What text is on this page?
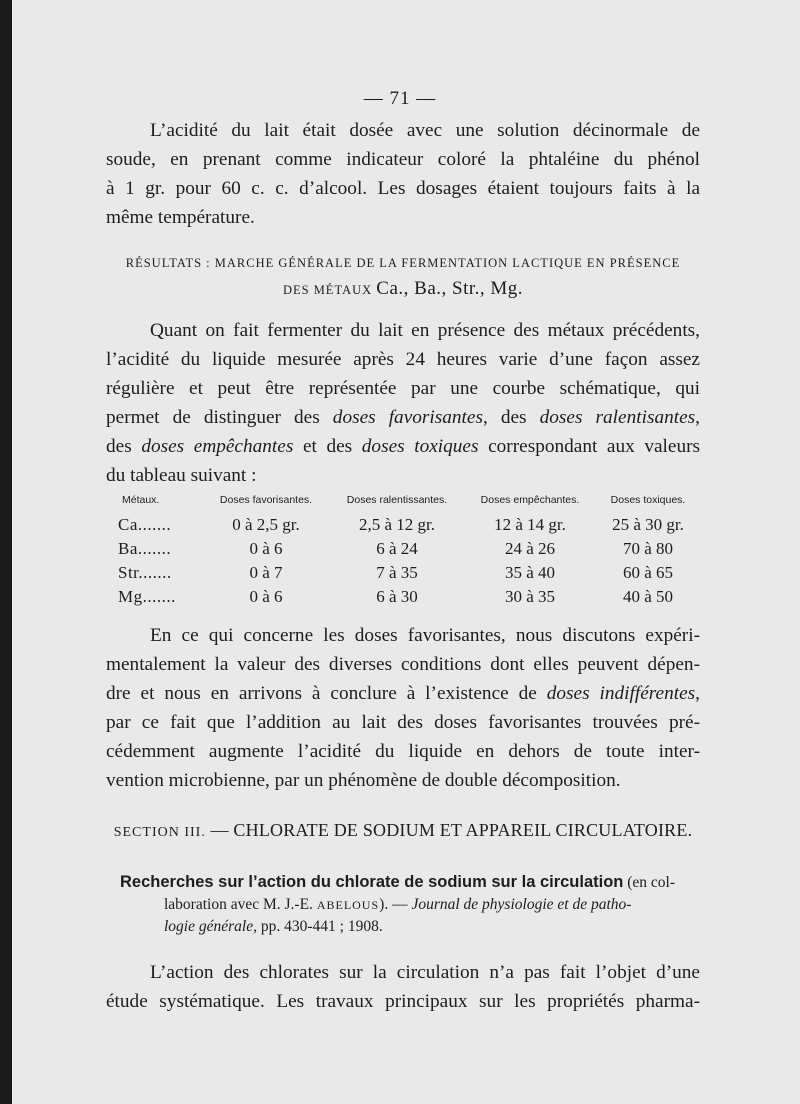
— 71 —
L’acidité du lait était dosée avec une solution décinormale de
soude, en prenant comme indicateur coloré la phtaléine du phénol
à 1 gr. pour 60 c. c. d’alcool. Les dosages étaient toujours faits à la
même température.
RÉSULTATS : MARCHE GÉNÉRALE DE LA FERMENTATION LACTIQUE EN PRÉSENCE
DES MÉTAUX Ca., Ba., Str., Mg.
Quant on fait fermenter du lait en présence des métaux précédents,
l’acidité du liquide mesurée après 24 heures varie d’une façon assez
régulière et peut être représentée par une courbe schématique, qui
permet de distinguer des doses favorisantes, des doses ralentisantes,
des doses empêchantes et des doses toxiques correspondant aux valeurs
du tableau suivant :
Métaux.	Doses favorisantes.	Doses ralentissantes.	Doses empêchantes.	Doses toxiques.
Ca.......	0 à 2,5 gr.	2,5 à 12 gr.	12 à 14 gr.	25 à 30 gr.
Ba.......	0 à 6	6 à 24	24 à 26	70 à 80
Str.......	0 à 7	7 à 35	35 à 40	60 à 65
Mg.......	0 à 6	6 à 30	30 à 35	40 à 50
En ce qui concerne les doses favorisantes, nous discutons expéri-
mentalement la valeur des diverses conditions dont elles peuvent dépen-
dre et nous en arrivons à conclure à l’existence de doses indifférentes,
par ce fait que l’addition au lait des doses favorisantes trouvées pré-
cédemment augmente l’acidité du liquide en dehors de toute inter-
vention microbienne, par un phénomène de double décomposition.
SECTION III. — CHLORATE DE SODIUM ET APPAREIL CIRCULATOIRE.
Recherches sur l’action du chlorate de sodium sur la circulation (en col-
laboration avec M. J.-E. ABELOUS). — Journal de physiologie et de patho-
logie générale, pp. 430-441 ; 1908.
L’action des chlorates sur la circulation n’a pas fait l’objet d’une
étude systématique. Les travaux principaux sur les propriétés pharma-
